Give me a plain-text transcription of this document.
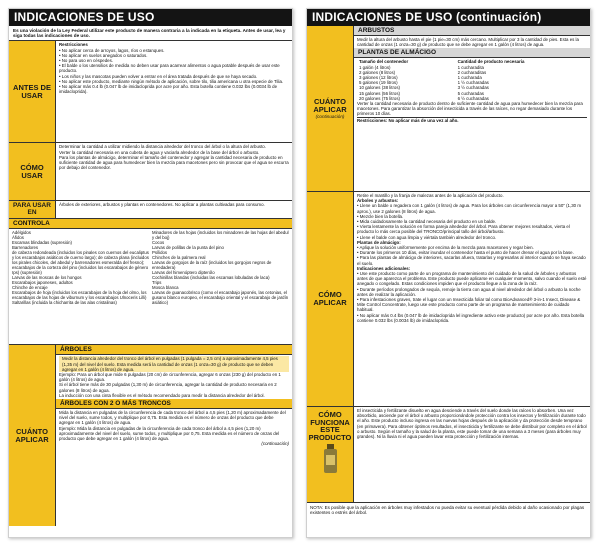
INDICACIONES DE USO
Es una violación de la Ley Federal utilizar este producto de manera contraria a la indicada en la etiqueta. Antes de usar, lea y siga todas las indicaciones de uso.
ANTES DE USAR

Restricciones

• No aplicar cerca de arroyos, lagos, ríos o estanques.

• No aplicar en suelos anegados o saturados.

• No para uso en céspedes.

• El balde o los utensilios de medida no deben usar para acarrear alimentos o agua potable después de usar este producto.

• Los niños y las mascotas pueden volver a entrar en el área tratada después de que se haya secado.

• No aplicar este producto, mediante ningún método de aplicación, sobre tilo, tilia americana u otra especie de Tilia.

• No aplicar más 0.4 lb (0.047 lb de imidacloprida por acre por año. Esta botella contiene 0.032 lbs (0.0034 lb de imidacloprida).

CÓMO USAR

Determinar la cantidad a utilizar midiendo la distancia alrededor del tronco del árbol o la altura del arbusto.

Verter la cantidad necesaria en una cubeta de agua y vaciarla alrededor de la base del árbol o arbusto.

Para los plantas de almácigo, determinar el tamaño del contenedor y agregar la cantidad necesaria de producto en suficiente cantidad de agua para humedecer bien la mezcla para macetones pero sin provocar que el agua se escurra por debajo del contenedor.

PARA USAR EN
Árboles de exteriores, arbustos y plantas en contenedores. No aplicar a plantas cultivadas para consumo.
CONTROLA

Adélgidos

Áfidos

Escamas blindadas (supresión)

Barrenadores

de cabeza redondeada (incluidos los pinales con cuernos del eucaliptus y los escarabajos asiáticos de cuerno largo); de cabeza plana (incluidos los pirales chicoles, del abedul y barrenadores esmeralda del fresno); escarabajos de la corteza del pino (incluidos los escarabajos de género Ips) (supresión)

Larvas de las moscas de los hongos

Escarabajos japoneses, adultos

Chinche de encaje

Escarabajos de hoja (incluidos los escarabajos de la hoja del olmo, los escarabajos de las hojas de viburnum y los escarabajos Ulnoceris Lilli)

Saltarillas (incluida la chicharrita de las alas cristalinas)

Minadores de las hojas (incluidos los minadores de las hojas del abedul y del boj)

Cocos

Larvas de polillas de la punta del pino

Psílidos

Chinches de la palmera real

Larvas de gorgojos de la raíz (incluidos los gorgojos negros de enredadera)

Larvas del himenóptero dipterólo

Cochinillas blandas (incluidas las escamas lobuladas de laca)

Trips

Mosca blanca

Larvas de guanacobrisco (como el escarabajo japonés, las cetonias, el gusano blanco europeo, el escarabajo oriental y el escarabajo de jardín asiático)

CUÁNTO APLICAR
ÁRBOLES

Medir la distancia alrededor del tronco del árbol en pulgadas (1 pulgada = 2,5 cm) a aproximadamente 4,5 pies (1,35 m) del nivel del suelo. Esta medida será la cantidad de onzas (1 onza=30 g) de producto que se deben agregar en 1 galón (4 litros) de agua.

Ejemplo: Para un árbol que mide 6 pulgadas (20 cm) de circunferencia, agregar 6 onzas (230 g) del producto en 1 galón (4 litros) de agua.

Si el árbol tiene más de 30 pulgadas (1,30 m) de circunferencia, agregar la cantidad de producto necesaria en 2 galones (8 litros) de agua.

La inducción con una cinta flexible es el método recomendado para medir la distancia alrededor del árbol.

ÁRBOLES CON 2 O MÁS TRONCOS

Mida la distancia en pulgadas de la circunferencia de cada tronco del árbol a 4,5 pies (1,20 m) aproximadamente del nivel del suelo, sume todos, y multiplique por 0,75. Esta medida es el número de onzas del producto que debe agregar en 1 galón (4 litros) de agua.

Ejemplo: Mida la distancia en pulgadas de la circunferencia de cada tronco del árbol a 4,5 pies (1,20 m) aproximadamente del nivel del suelo, sume todos, y multiplique por 0,75. Esta medida es el número de onzas del producto que debe agregar en 1 galón (4 litros) de agua.

(continuación)

INDICACIONES DE USO (continuación)
CUÁNTO APLICAR
(continuación)
ARBUSTOS
Medir la altura del arbusto hasta el pie (1 pie=30 cm) más cercano. Multiplicar por 3 la cantidad de pies. Esta es la cantidad de onzas (1 onza=30 g) de producto que se debe agregar en 1 galón (4 litros) de agua.
PLANTAS DE ALMÁCIGO
Tamaño del contenedor	Cantidad de producto necesaria
1 galón (4 litros)	1 cucharadita
2 galones (8 litros)	2 cucharaditas
3 galones (12 litros)	1 cucharada
5 galones (19 litros)	1 ½ cucharadas
10 galones (38 litros)	3 ½ cucharadas
15 galones (56 litros)	5 cucharadas
20 galones (75 litros)	6 ½ cucharadas

Verter la cantidad necesaria de producto dentro de suficiente cantidad de agua para humedecer bien la mezcla para macetones. Para garantizar la absorción del insecticida a través de las raíces, no regar demasiado durante los primeros 10 días.

Restricciones: No aplicar más de una vez al año.

CÓMO APLICAR

Retire el mantillo y la franja de malezas antes de la aplicación del producto.

Árboles y arbustos:

• Llene un balde o regadera con 1 galón (4 litros) de agua. Para los árboles con circunferencia mayor a 50" (1,30 m aprox.), use 2 galones (8 litros) de agua.

• Mezcle bien la botella.

• Mida cuidadosamente la cantidad necesaria del producto en un balde.

• Vierta lentamente la solución en forma pareja alrededor del árbol. Para obtener mejores resultados, vierta el producto lo más cerca posible del TRONCO/principal tallo del árbol/arbusto.

• Llene el balde con agua limpia y viértala también alrededor del tronco.

Plantas de almácigo:

• Aplique la solución uniformemente por encima de la mezcla para macetones y regar bien.

• Durante los primeros 10 días, evitar inundar el contenedor hasta el punto de hacer drenar el agua por la base.

• Para las plantas de almácigo de interiores, sacarlas afuera, tratarlas y regresarlas al interior cuando se haya secado el suelo.

Indicaciones adicionales:

• Use este producto como parte de un programa de mantenimiento del cuidado de la salud de árboles y arbustos antes de que aparezca el problema. Este producto puede aplicarse en cualquier momento, salvo cuando el suelo esté anegado o congelado. Estas condiciones impiden que el producto llegue a la zona de la raíz.

• Durante períodos prolongados de sequía, remoje la tierra con agua al nivel alrededor del árbol o arbusto la noche antes de realizar la aplicación.

• Para infestaciones graves, trate el lugar con un Insecticida foliar tal como BioAdvanced® 3-in-1 Insect, Disease & Mite Control Concentrate, luego use este producto como parte de un programa de mantenimiento de cuidado habitual.

• No aplicar más 0.4 lbs (0.047 lb de imidacloprida lel ingrediente activo este producto) por acre por año. Esta botella contiene 0.032 lbs (0.0034 lb) de imidacloprida.

CÓMO FUNCIONA ESTE PRODUCTO
El insecticida y fertilizante disuelto en agua desciende a través del suelo donde las raíces lo absorben. Una vez absorbido, asciende por el árbol o arbusto proporcionándole protección contra los insectos y fertilización durante todo el año. Este producto incluso ingresa en las nuevas hojas después de la aplicación y da protección desde temprano (en primavera). Para obtener óptimos resultados, el insecticida y fertilizante se debe distribuir por completo en el árbol o arbusto. Según el tamaño y la salud de la planta, este puede tomar de una semana a 3 meses (para árboles muy grandes). Ni la lluvia ni el agua pueden lavar esta protección y fertilización internas.
NOTA: Es posible que la aplicación en árboles muy infestados no pueda evitar su eventual pérdida debido al daño ocasionado por plagas existentes o estrés del árbol.
